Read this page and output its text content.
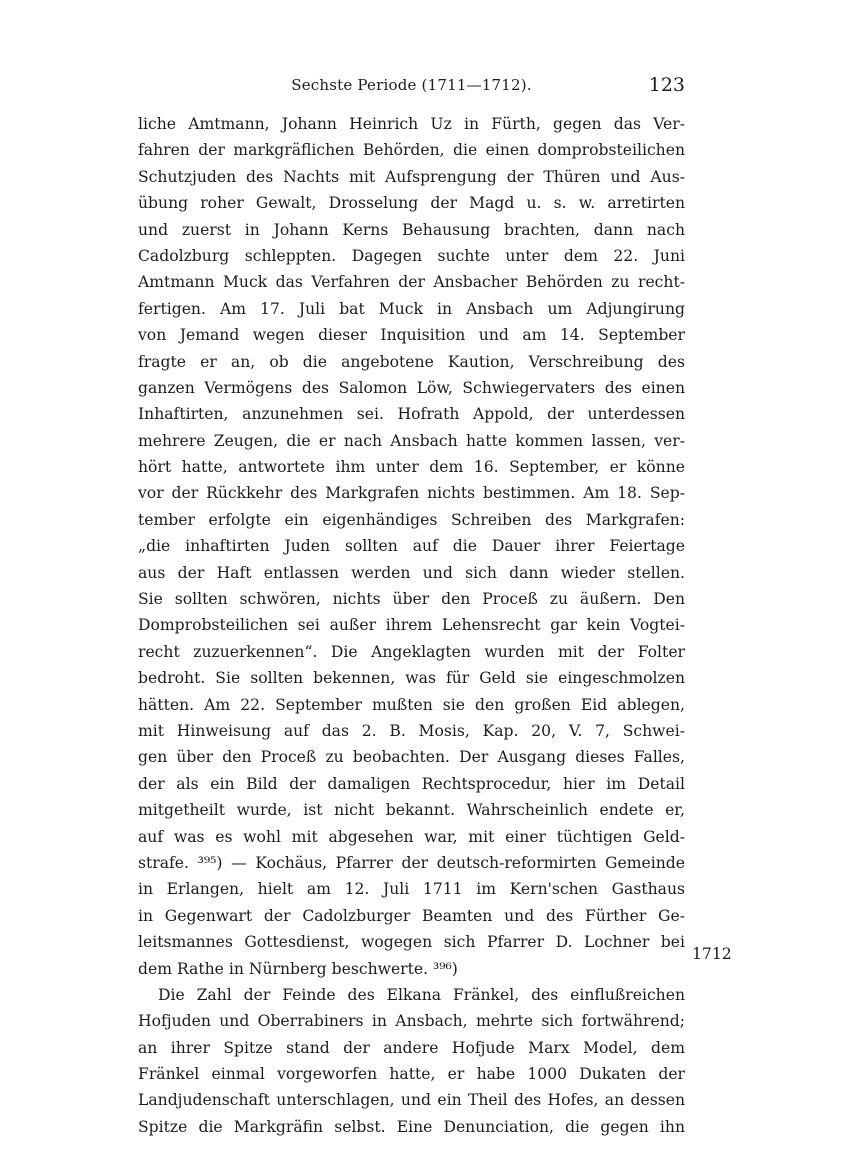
Sechste Periode (1711—1712).	123
liche Amtmann, Johann Heinrich Uz in Fürth, gegen das Ver-
fahren der markgräflichen Behörden, die einen domprobsteilichen
Schutzjuden des Nachts mit Aufsprengung der Thüren und Aus-
übung roher Gewalt, Drosselung der Magd u. s. w. arretirten
und zuerst in Johann Kerns Behausung brachten, dann nach
Cadolzburg schleppten. Dagegen suchte unter dem 22. Juni
Amtmann Muck das Verfahren der Ansbacher Behörden zu recht-
fertigen. Am 17. Juli bat Muck in Ansbach um Adjungirung
von Jemand wegen dieser Inquisition und am 14. September
fragte er an, ob die angebotene Kaution, Verschreibung des
ganzen Vermögens des Salomon Löw, Schwiegervaters des einen
Inhaftirten, anzunehmen sei. Hofrath Appold, der unterdessen
mehrere Zeugen, die er nach Ansbach hatte kommen lassen, ver-
hört hatte, antwortete ihm unter dem 16. September, er könne
vor der Rückkehr des Markgrafen nichts bestimmen. Am 18. Sep-
tember erfolgte ein eigenhändiges Schreiben des Markgrafen:
„die inhaftirten Juden sollten auf die Dauer ihrer Feiertage
aus der Haft entlassen werden und sich dann wieder stellen.
Sie sollten schwören, nichts über den Proceß zu äußern. Den
Domprobsteilichen sei außer ihrem Lehensrecht gar kein Vogtei-
recht zuzuerkennen“. Die Angeklagten wurden mit der Folter
bedroht. Sie sollten bekennen, was für Geld sie eingeschmolzen
hätten. Am 22. September mußten sie den großen Eid ablegen,
mit Hinweisung auf das 2. B. Mosis, Kap. 20, V. 7, Schwei-
gen über den Proceß zu beobachten. Der Ausgang dieses Falles,
der als ein Bild der damaligen Rechtsprocedur, hier im Detail
mitgetheilt wurde, ist nicht bekannt. Wahrscheinlich endete er,
auf was es wohl mit abgesehen war, mit einer tüchtigen Geld-
strafe. ³⁹⁵) — Kochäus, Pfarrer der deutsch-reformirten Gemeinde
in Erlangen, hielt am 12. Juli 1711 im Kern'schen Gasthaus
in Gegenwart der Cadolzburger Beamten und des Fürther Ge-
leitsmannes Gottesdienst, wogegen sich Pfarrer D. Lochner bei
dem Rathe in Nürnberg beschwerte. ³⁹⁶)
Die Zahl der Feinde des Elkana Fränkel, des einflußreichen
Hofjuden und Oberrabiners in Ansbach, mehrte sich fortwährend;
an ihrer Spitze stand der andere Hofjude Marx Model, dem
Fränkel einmal vorgeworfen hatte, er habe 1000 Dukaten der
Landjudenschaft unterschlagen, und ein Theil des Hofes, an dessen
Spitze die Markgräfin selbst. Eine Denunciation, die gegen ihn
1712
